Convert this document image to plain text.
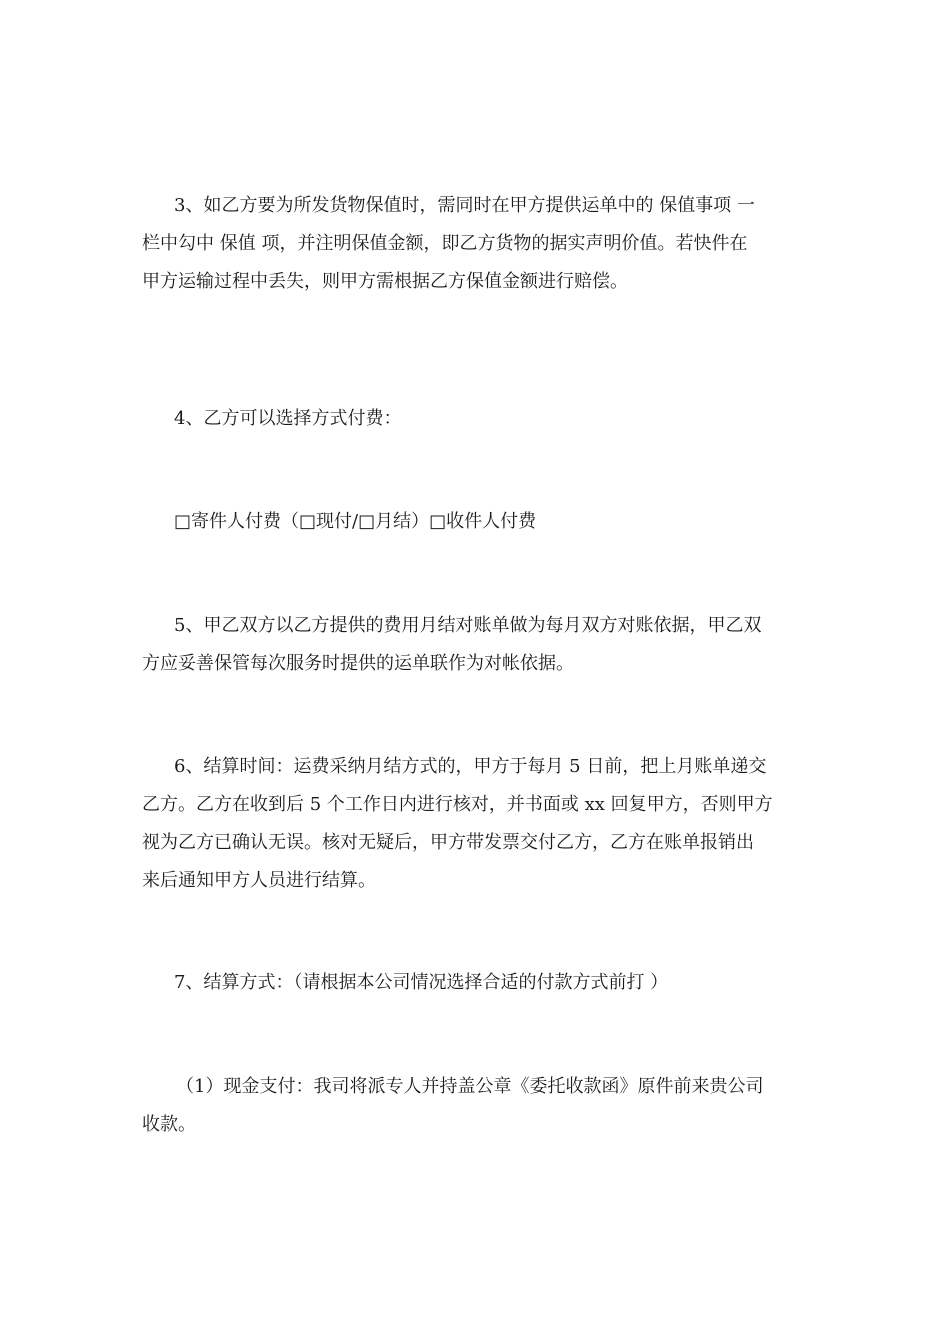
3、如乙方要为所发货物保值时，需同时在甲方提供运单中的 保值事项 一
栏中勾中 保值 项，并注明保值金额，即乙方货物的据实声明价值。若快件在
甲方运输过程中丢失，则甲方需根据乙方保值金额进行赔偿。
4、乙方可以选择方式付费：
□寄件人付费（□现付/□月结）□收件人付费
5、甲乙双方以乙方提供的费用月结对账单做为每月双方对账依据，甲乙双
方应妥善保管每次服务时提供的运单联作为对帐依据。
6、结算时间：运费采纳月结方式的，甲方于每月 5 日前，把上月账单递交
乙方。乙方在收到后 5 个工作日内进行核对，并书面或 xx 回复甲方，否则甲方
视为乙方已确认无误。核对无疑后，甲方带发票交付乙方，乙方在账单报销出
来后通知甲方人员进行结算。
7、结算方式：（请根据本公司情况选择合适的付款方式前打 ）
（1）现金支付：我司将派专人并持盖公章《委托收款函》原件前来贵公司
收款。
